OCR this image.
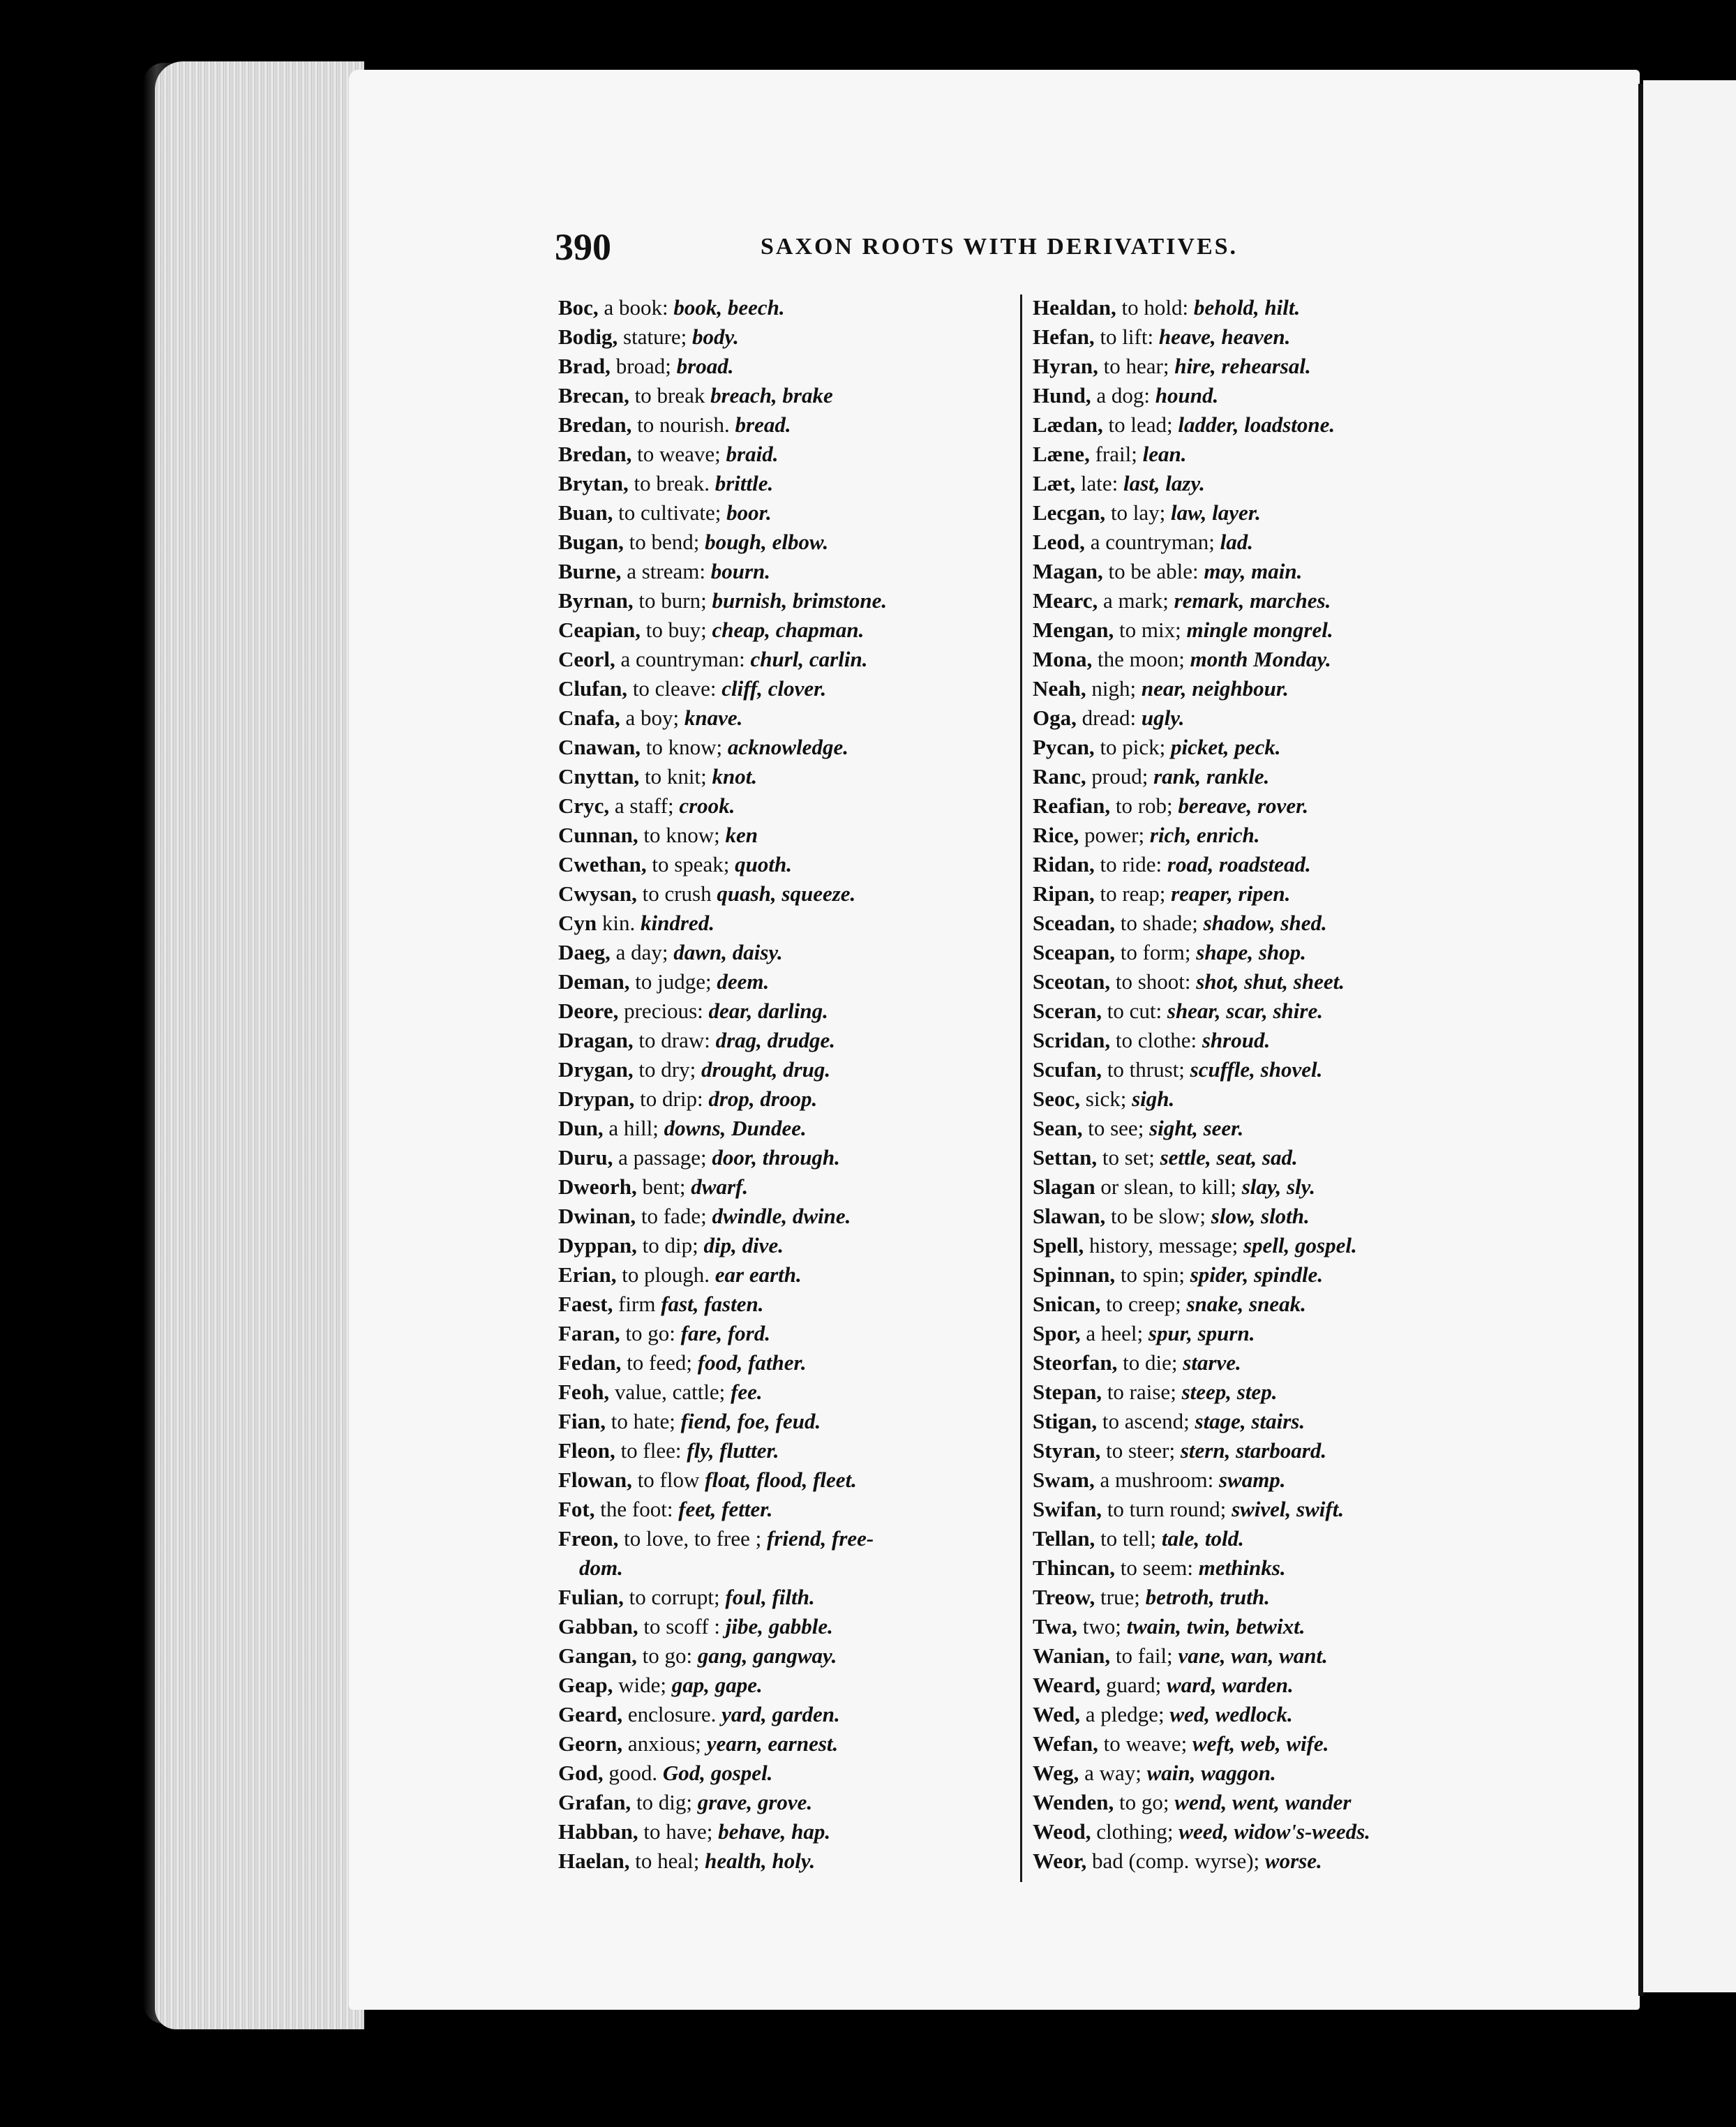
390	SAXON ROOTS WITH DERIVATIVES.
Boc, a book: book, beech.
Bodig, stature; body.
Brad, broad; broad.
Brecan, to break breach, brake
Bredan, to nourish. bread.
Bredan, to weave; braid.
Brytan, to break. brittle.
Buan, to cultivate; boor.
Bugan, to bend; bough, elbow.
Burne, a stream: bourn.
Byrnan, to burn; burnish, brimstone.
Ceapian, to buy; cheap, chapman.
Ceorl, a countryman: churl, carlin.
Clufan, to cleave: cliff, clover.
Cnafa, a boy; knave.
Cnawan, to know; acknowledge.
Cnyttan, to knit; knot.
Cryc, a staff; crook.
Cunnan, to know; ken
Cwethan, to speak; quoth.
Cwysan, to crush quash, squeeze.
Cyn kin. kindred.
Daeg, a day; dawn, daisy.
Deman, to judge; deem.
Deore, precious: dear, darling.
Dragan, to draw: drag, drudge.
Drygan, to dry; drought, drug.
Drypan, to drip: drop, droop.
Dun, a hill; downs, Dundee.
Duru, a passage; door, through.
Dweorh, bent; dwarf.
Dwinan, to fade; dwindle, dwine.
Dyppan, to dip; dip, dive.
Erian, to plough. ear earth.
Faest, firm fast, fasten.
Faran, to go: fare, ford.
Fedan, to feed; food, father.
Feoh, value, cattle; fee.
Fian, to hate; fiend, foe, feud.
Fleon, to flee: fly, flutter.
Flowan, to flow float, flood, fleet.
Fot, the foot: feet, fetter.
Freon, to love, to free ; friend, free-
dom.
Fulian, to corrupt; foul, filth.
Gabban, to scoff : jibe, gabble.
Gangan, to go: gang, gangway.
Geap, wide; gap, gape.
Geard, enclosure. yard, garden.
Georn, anxious; yearn, earnest.
God, good. God, gospel.
Grafan, to dig; grave, grove.
Habban, to have; behave, hap.
Haelan, to heal; health, holy.
Healdan, to hold: behold, hilt.
Hefan, to lift: heave, heaven.
Hyran, to hear; hire, rehearsal.
Hund, a dog: hound.
Lædan, to lead; ladder, loadstone.
Læne, frail; lean.
Læt, late: last, lazy.
Lecgan, to lay; law, layer.
Leod, a countryman; lad.
Magan, to be able: may, main.
Mearc, a mark; remark, marches.
Mengan, to mix; mingle mongrel.
Mona, the moon; month Monday.
Neah, nigh; near, neighbour.
Oga, dread: ugly.
Pycan, to pick; picket, peck.
Ranc, proud; rank, rankle.
Reafian, to rob; bereave, rover.
Rice, power; rich, enrich.
Ridan, to ride: road, roadstead.
Ripan, to reap; reaper, ripen.
Sceadan, to shade; shadow, shed.
Sceapan, to form; shape, shop.
Sceotan, to shoot: shot, shut, sheet.
Sceran, to cut: shear, scar, shire.
Scridan, to clothe: shroud.
Scufan, to thrust; scuffle, shovel.
Seoc, sick; sigh.
Sean, to see; sight, seer.
Settan, to set; settle, seat, sad.
Slagan or slean, to kill; slay, sly.
Slawan, to be slow; slow, sloth.
Spell, history, message; spell, gospel.
Spinnan, to spin; spider, spindle.
Snican, to creep; snake, sneak.
Spor, a heel; spur, spurn.
Steorfan, to die; starve.
Stepan, to raise; steep, step.
Stigan, to ascend; stage, stairs.
Styran, to steer; stern, starboard.
Swam, a mushroom: swamp.
Swifan, to turn round; swivel, swift.
Tellan, to tell; tale, told.
Thincan, to seem: methinks.
Treow, true; betroth, truth.
Twa, two; twain, twin, betwixt.
Wanian, to fail; vane, wan, want.
Weard, guard; ward, warden.
Wed, a pledge; wed, wedlock.
Wefan, to weave; weft, web, wife.
Weg, a way; wain, waggon.
Wenden, to go; wend, went, wander
Weod, clothing; weed, widow's-weeds.
Weor, bad (comp. wyrse); worse.
